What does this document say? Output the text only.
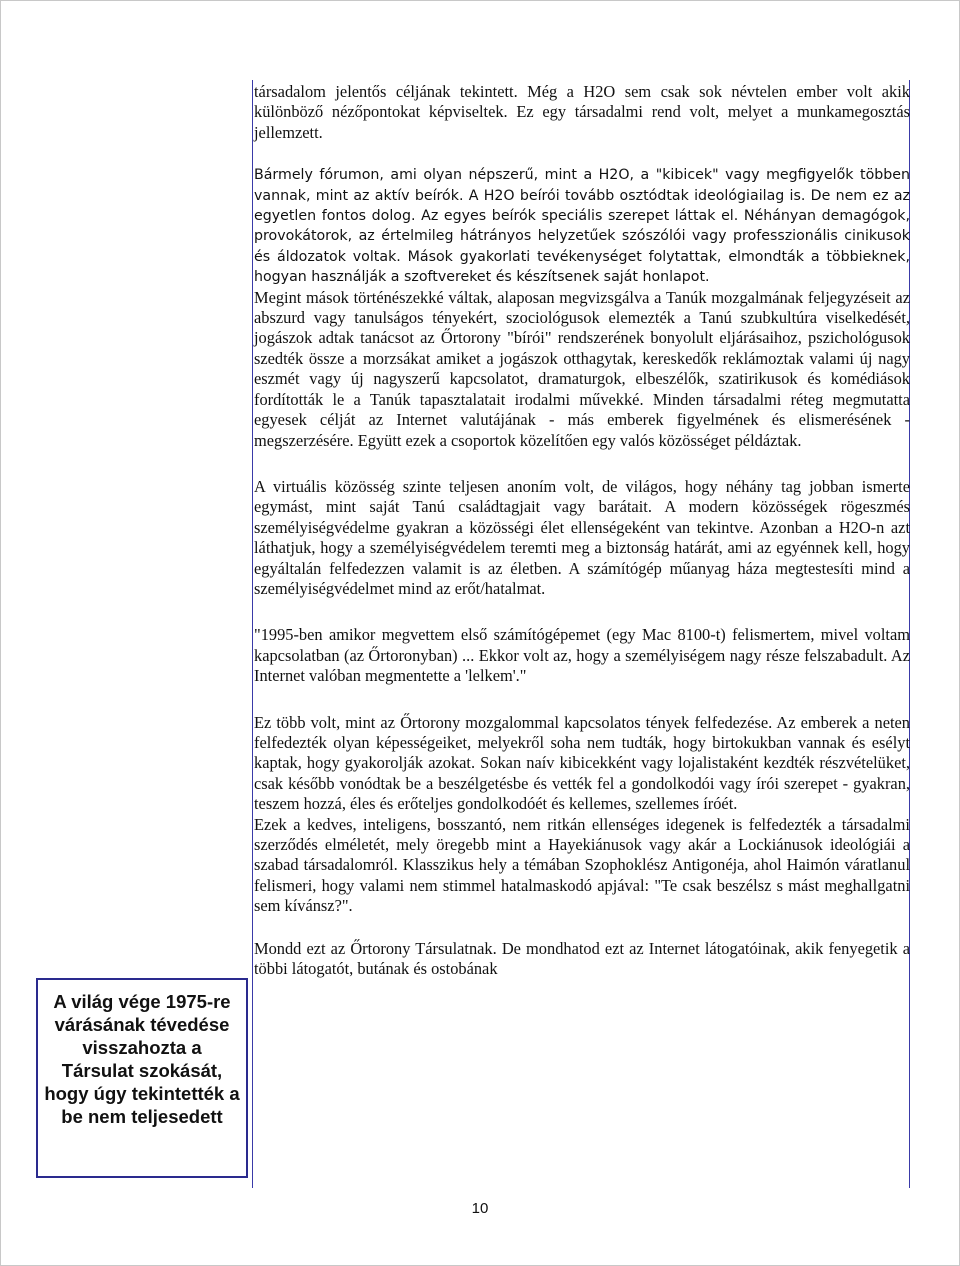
társadalom jelentős céljának tekintett. Még a H2O sem csak sok névtelen ember volt akik különböző nézőpontokat képviseltek. Ez egy társadalmi rend volt, melyet a munkamegosztás jellemzett.

Bármely fórumon, ami olyan népszerű, mint a H2O, a "kibicek" vagy megfigyelők többen vannak, mint az aktív beírók. A H2O beírói tovább osztódtak ideológiailag is. De nem ez az egyetlen fontos dolog. Az egyes beírók speciális szerepet láttak el. Néhányan demagógok, provokátorok, az értelmileg hátrányos helyzetűek szószólói vagy professzionális cinikusok és áldozatok voltak. Mások gyakorlati tevékenységet folytattak, elmondták a többieknek, hogyan használják a szoftvereket és készítsenek saját honlapot.

Megint mások történészekké váltak, alaposan megvizsgálva a Tanúk mozgalmának feljegyzéseit az abszurd vagy tanulságos tényekért, szociológusok elemezték a Tanú szubkultúra viselkedését, jogászok adtak tanácsot az Őrtorony "bírói" rendszerének bonyolult eljárásaihoz, pszichológusok szedték össze a morzsákat amiket a jogászok otthagytak, kereskedők reklámoztak valami új nagy eszmét vagy új nagyszerű kapcsolatot, dramaturgok, elbeszélők, szatirikusok és komédiások fordították le a Tanúk tapasztalatait irodalmi művekké. Minden társadalmi réteg megmutatta egyesek célját az Internet valutájának - más emberek figyelmének és elismerésének - megszerzésére. Együtt ezek a csoportok közelítően egy valós közösséget példáztak.

A virtuális közösség szinte teljesen anoním volt, de világos, hogy néhány tag jobban ismerte egymást, mint saját Tanú családtagjait vagy barátait. A modern közösségek rögeszmés személyiségvédelme gyakran a közösségi élet ellenségeként van tekintve. Azonban a H2O-n azt láthatjuk, hogy a személyiségvédelem teremti meg a biztonság határát, ami az egyénnek kell, hogy egyáltalán felfedezzen valamit is az életben. A számítógép műanyag háza megtestesíti mind a személyiségvédelmet mind az erőt/hatalmat.

"1995-ben amikor megvettem első számítógépemet (egy Mac 8100-t) felismertem, mivel voltam kapcsolatban (az Őrtoronyban) ... Ekkor volt az, hogy a személyiségem nagy része felszabadult. Az Internet valóban megmentette a 'lelkem'."

Ez több volt, mint az Őrtorony mozgalommal kapcsolatos tények felfedezése. Az emberek a neten felfedezték olyan képességeiket, melyekről soha nem tudták, hogy birtokukban vannak és esélyt kaptak, hogy gyakorolják azokat. Sokan naív kibicekként vagy lojalistaként kezdték részvételüket, csak később vonódtak be a beszélgetésbe és vették fel a gondolkodói vagy írói szerepet - gyakran, teszem hozzá, éles és erőteljes gondolkodóét és kellemes, szellemes íróét.

Ezek a kedves, inteligens, bosszantó, nem ritkán ellenséges idegenek is felfedezték a társadalmi szerződés elméletét, mely öregebb mint a Hayekiánusok vagy akár a Lockiánusok ideológiái a szabad társadalomról. Klasszikus hely a témában Szophoklész Antigonéja, ahol Haimón váratlanul felismeri, hogy valami nem stimmel hatalmaskodó apjával: "Te csak beszélsz s mást meghallgatni sem kívánsz?".

Mondd ezt az Őrtorony Társulatnak. De mondhatod ezt az Internet látogatóinak, akik fenyegetik a többi látogatót, butának és ostobának

A világ vége 1975-re várásának tévedése visszahozta a Társulat szokását, hogy úgy tekintették a be nem teljesedett
10
